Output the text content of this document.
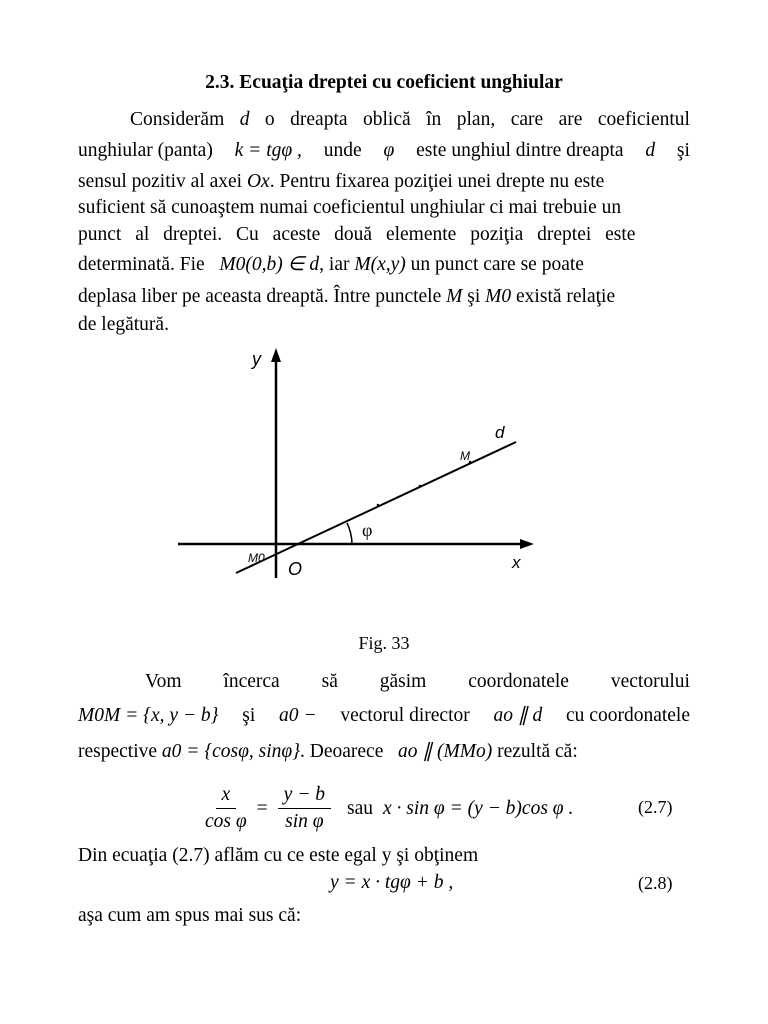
2.3. Ecuaţia dreptei cu coeficient unghiular
Considerăm d o dreapta oblică în plan, care are coeficientul
unghiular (panta) k = tgφ , unde φ este unghiul dintre dreapta d şi
sensul pozitiv al axei Ox. Pentru fixarea poziţiei unei drepte nu este
suficient să cunoaştem numai coeficientul unghiular ci mai trebuie un
punct al dreptei. Cu aceste două elemente poziţia dreptei este
determinată. Fie M0(0,b) ∈ d, iar M(x,y) un punct care se poate
deplasa liber pe aceasta dreaptă. Între punctele M şi M0 există relaţie
de legătură.
y
x
O
M0
M
d
φ
Fig. 33
Vom încerca să găsim coordonatele vectorului
M0M = {x, y − b} şi a0 − vectorul director ao ∥ d cu coordonatele
respective a0 = {cosφ, sinφ}. Deoarece ao ∥ (MMo) rezultă că:
$\frac{x}{\text{cos φ}} = \frac{y - b}{\text{sin φ}}$ sau x · sin φ = (y − b)cos φ .	(2.7)
Din ecuaţia (2.7) aflăm cu ce este egal y şi obţinem
y = x · tgφ + b ,	(2.8)
aşa cum am spus mai sus că:
